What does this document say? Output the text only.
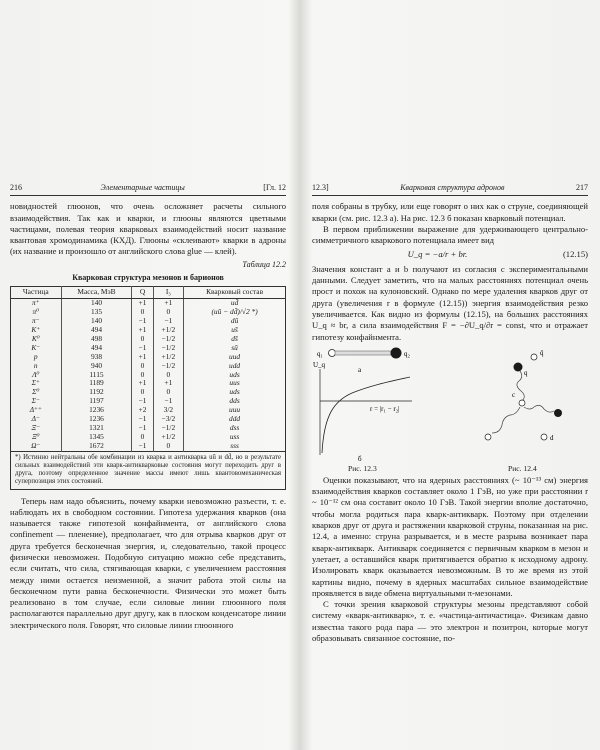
216	Элементарные частицы	[Гл. 12

новидностей глюонов, что очень осложняет расчеты сильного взаимодействия. Так как и кварки, и глюоны являются цветными частицами, полевая теория кварковых взаимодействий носит название квантовая хромодинамика (КХД). Глюоны «склеивают» кварки в адроны (их название и произошло от английского слова glue — клей).

Таблица 12.2
Кварковая структура мезонов и барионов
Частица	Масса, МэВ	Q	I₃	Кварковый состав
π⁺	140	+1	+1	ud̄
π⁰	135	0	0	(uū − dd̄)/√2 *)
π⁻	140	−1	−1	dū
K⁺	494	+1	+1/2	us̄
K⁰	498	0	−1/2	ds̄
K⁻	494	−1	−1/2	sū
p	938	+1	+1/2	uud
n	940	0	−1/2	udd
Λ⁰	1115	0	0	uds
Σ⁺	1189	+1	+1	uus
Σ⁰	1192	0	0	uds
Σ⁻	1197	−1	−1	dds
Δ⁺⁺	1236	+2	3/2	uuu
Δ⁻	1236	−1	−3/2	ddd
Ξ⁻	1321	−1	−1/2	dss
Ξ⁰	1345	0	+1/2	uss
Ω⁻	1672	−1	0	sss
*) Истинно нейтральны обе комбинации из кварка и антикварка uū и dd̄, но в результате сильных взаимодействий эти кварк-антикварковые состояния могут переходить друг в друга, поэтому определенное значение массы имеют лишь квантовомеханическая суперпозиция этих состояний.

Теперь нам надо объяснить, почему кварки невозможно разъести, т. е. наблюдать их в свободном состоянии. Гипотеза удержания кварков (она называется также гипотезой конфайнмента, от английского слова confinement — пленение), предполагает, что для отрыва кварков друг от друга требуется бесконечная энергия, и, следовательно, такой процесс физически невозможен. Подобную ситуацию можно себе представить, если считать, что сила, стягивающая кварки, с увеличением расстояния между ними остается неизменной, а значит работа этой силы на бесконечном пути равна бесконечности. Физически это может быть реализовано в том случае, если силовые линии глюонного поля располагаются параллельно друг другу, как в плоском конденсаторе линии электрического поля. Говорят, что силовые линии глюонного

12.3]	Кварковая структура адронов	217

поля собраны в трубку, или еще говорят о них как о струне, соединяющей кварки (см. рис. 12.3 а). На рис. 12.3 б показан кварковый потенциал.

В первом приближении выражение для удерживающего центрально-симметричного кваркового потенциала имеет вид

U_q = −a/r + br.	(12.15)

Значения констант a и b получают из согласия с экспериментальными данными. Следует заметить, что на малых расстояниях потенциал очень прост и похож на кулоновский. Однако по мере удаления кварков друг от друга (увеличения r в формуле (12.15)) энергия взаимодействия резко увеличивается. Как видно из формулы (12.15), на больших расстояниях U_q ≈ br, а сила взаимодействия F = −∂U_q/∂r = const, что и отражает гипотезу конфайнмента.

q₁	q₂
а
U_q
r = |r₁ − r₂|
б
q
q̄
c
d
Рис. 12.3	Рис. 12.4

Оценки показывают, что на ядерных расстояниях (~ 10⁻¹³ см) энергия взаимодействия кварков составляет около 1 ГэВ, но уже при расстоянии r ~ 10⁻¹² см она составит около 10 ГэВ. Такой энергии вполне достаточно, чтобы могла родиться пара кварк-антикварк. Поэтому при отделении кварков друг от друга и растяжении кварковой струны, показанная на рис. 12.4, а именно: струна разрывается, и в месте разрыва возникает пара кварк-антикварк. Антикварк соединяется с первичным кварком в мезон и улетает, а оставшийся кварк притягивается обратно к исходному адрону. Изолировать кварк оказывается невозможным. В то же время из этой картины видно, почему в ядерных масштабах сильное взаимодействие проявляется в виде обмена виртуальными π-мезонами.

С точки зрения кварковой структуры мезоны представляют собой систему «кварк-антикварк», т. е. «частица-античастица». Физикам давно известна такого рода пара — это электрон и позитрон, которые могут образовывать связанное состояние, по-
